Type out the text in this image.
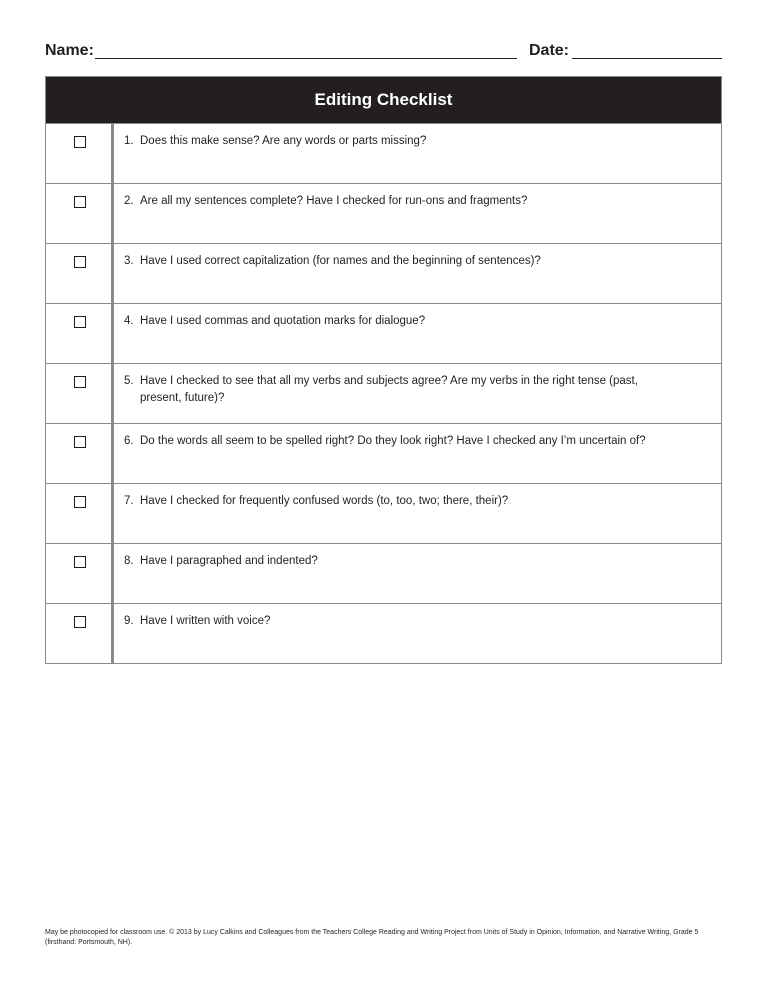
Name:	Date:
Editing Checklist
1. Does this make sense? Are any words or parts missing?
2. Are all my sentences complete? Have I checked for run-ons and fragments?
3. Have I used correct capitalization (for names and the beginning of sentences)?
4. Have I used commas and quotation marks for dialogue?
5. Have I checked to see that all my verbs and subjects agree? Are my verbs in the right tense (past, present, future)?
6. Do the words all seem to be spelled right? Do they look right? Have I checked any I’m uncertain of?
7. Have I checked for frequently confused words (to, too, two; there, their)?
8. Have I paragraphed and indented?
9. Have I written with voice?
May be photocopied for classroom use. © 2013 by Lucy Calkins and Colleagues from the Teachers College Reading and Writing Project from Units of Study in Opinion, Information, and Narrative Writing, Grade 5 (firsthand: Portsmouth, NH).
